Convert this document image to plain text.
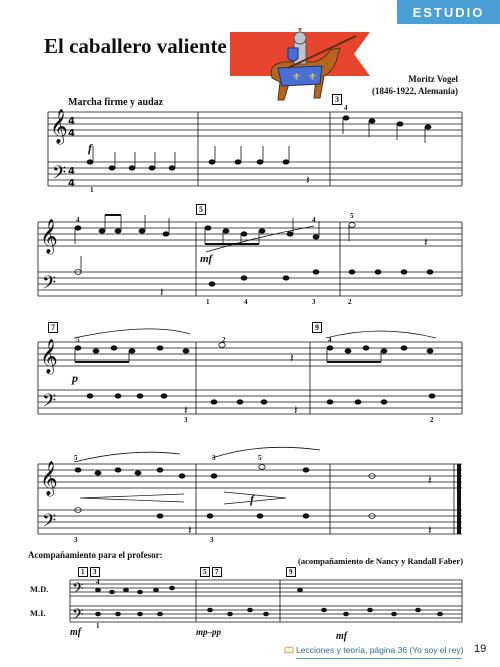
ESTUDIO
El caballero valiente
⚜ ⚜	Moritz Vogel
(1846-1922, Alemania)
Marcha firme y audaz
𝄞
𝄢
4
4
4
4
𝄞
𝄢
𝄞
𝄢
𝄞
𝄢
𝄢
𝄢
𝄽
𝄽
𝄽
𝄽
𝄽	𝄽
𝄽
𝄽	𝄽
3
5
7	9
f
mf
p
f
mf	mp–pp	mf
1
4
4
1	4	3	2
5
4
5	4
3	2
2
5	5
3
3	3
4
1
Acompañamiento para el profesor:
(acompañamiento de Nancy y Randall Faber)
M.D.
M.I.
1	3	5	7	9
Lecciones y teoría, página 36 (Yo soy el rey) 19
